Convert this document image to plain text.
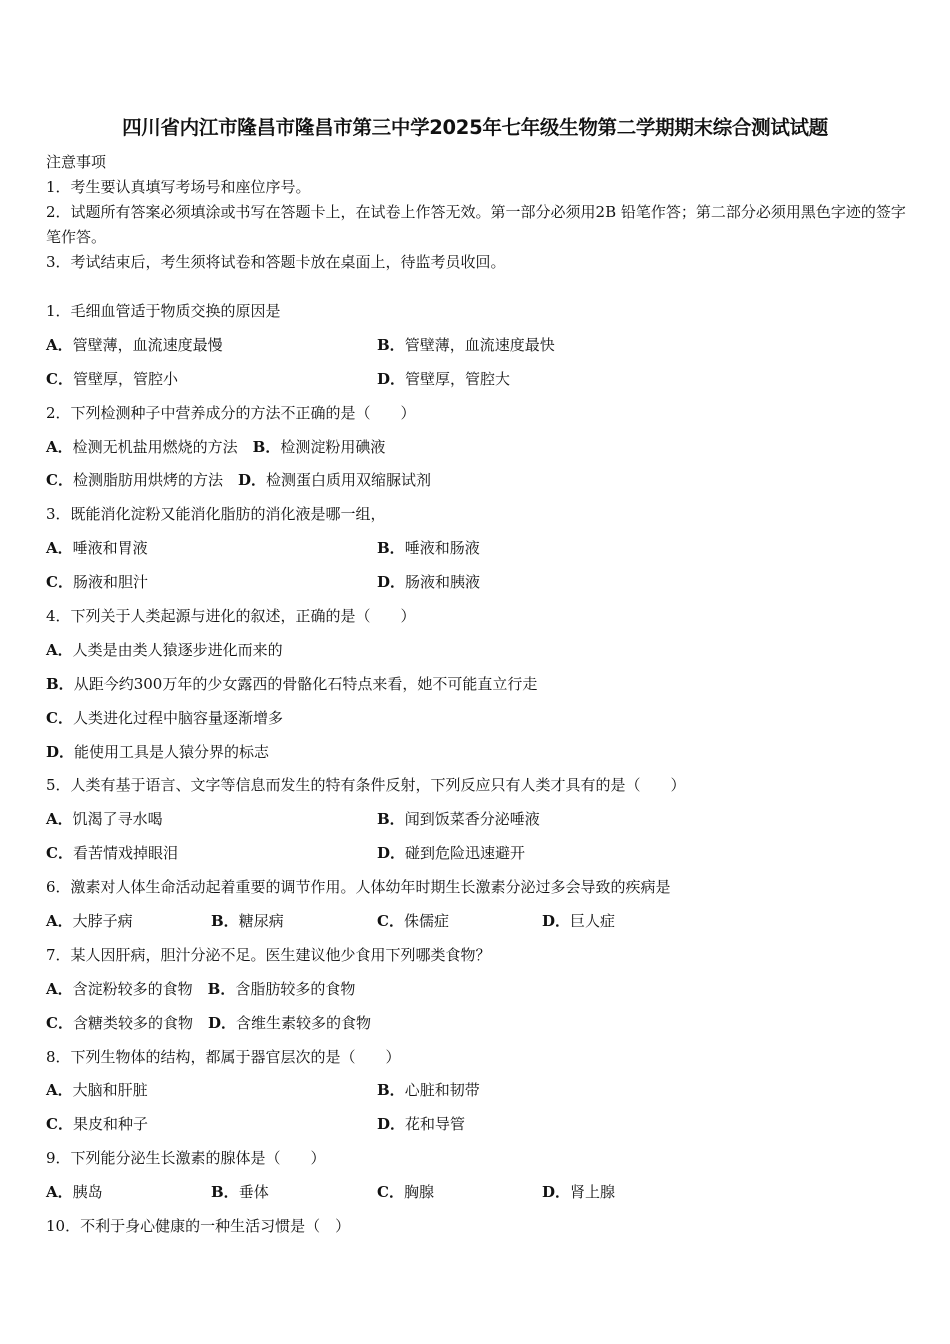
四川省内江市隆昌市隆昌市第三中学2025年七年级生物第二学期期末综合测试试题
注意事项
1．考生要认真填写考场号和座位序号。
2．试题所有答案必须填涂或书写在答题卡上，在试卷上作答无效。第一部分必须用2B 铅笔作答；第二部分必须用黑色字迹的签字笔作答。
3．考试结束后，考生须将试卷和答题卡放在桌面上，待监考员收回。
1．毛细血管适于物质交换的原因是
A．管壁薄，血流速度最慢	B．管壁薄，血流速度最快
C．管壁厚，管腔小	D．管壁厚，管腔大
2．下列检测种子中营养成分的方法不正确的是（　　）
A．检测无机盐用燃烧的方法　B．检测淀粉用碘液
C．检测脂肪用烘烤的方法　D．检测蛋白质用双缩脲试剂
3．既能消化淀粉又能消化脂肪的消化液是哪一组，
A．唾液和胃液	B．唾液和肠液
C．肠液和胆汁	D．肠液和胰液
4．下列关于人类起源与进化的叙述，正确的是（　　）
A．人类是由类人猿逐步进化而来的
B．从距今约300万年的少女露西的骨骼化石特点来看，她不可能直立行走
C．人类进化过程中脑容量逐渐增多
D．能使用工具是人猿分界的标志
5．人类有基于语言、文字等信息而发生的特有条件反射，下列反应只有人类才具有的是（　　）
A．饥渴了寻水喝	B．闻到饭菜香分泌唾液
C．看苦情戏掉眼泪	D．碰到危险迅速避开
6．激素对人体生命活动起着重要的调节作用。人体幼年时期生长激素分泌过多会导致的疾病是
A．大脖子病	B．糖尿病	C．侏儒症	D．巨人症
7．某人因肝病，胆汁分泌不足。医生建议他少食用下列哪类食物？
A．含淀粉较多的食物　B．含脂肪较多的食物
C．含糖类较多的食物　D．含维生素较多的食物
8．下列生物体的结构，都属于器官层次的是（　　）
A．大脑和肝脏	B．心脏和韧带
C．果皮和种子	D．花和导管
9．下列能分泌生长激素的腺体是（　　）
A．胰岛	B．垂体	C．胸腺	D．肾上腺
10．不利于身心健康的一种生活习惯是（　）
